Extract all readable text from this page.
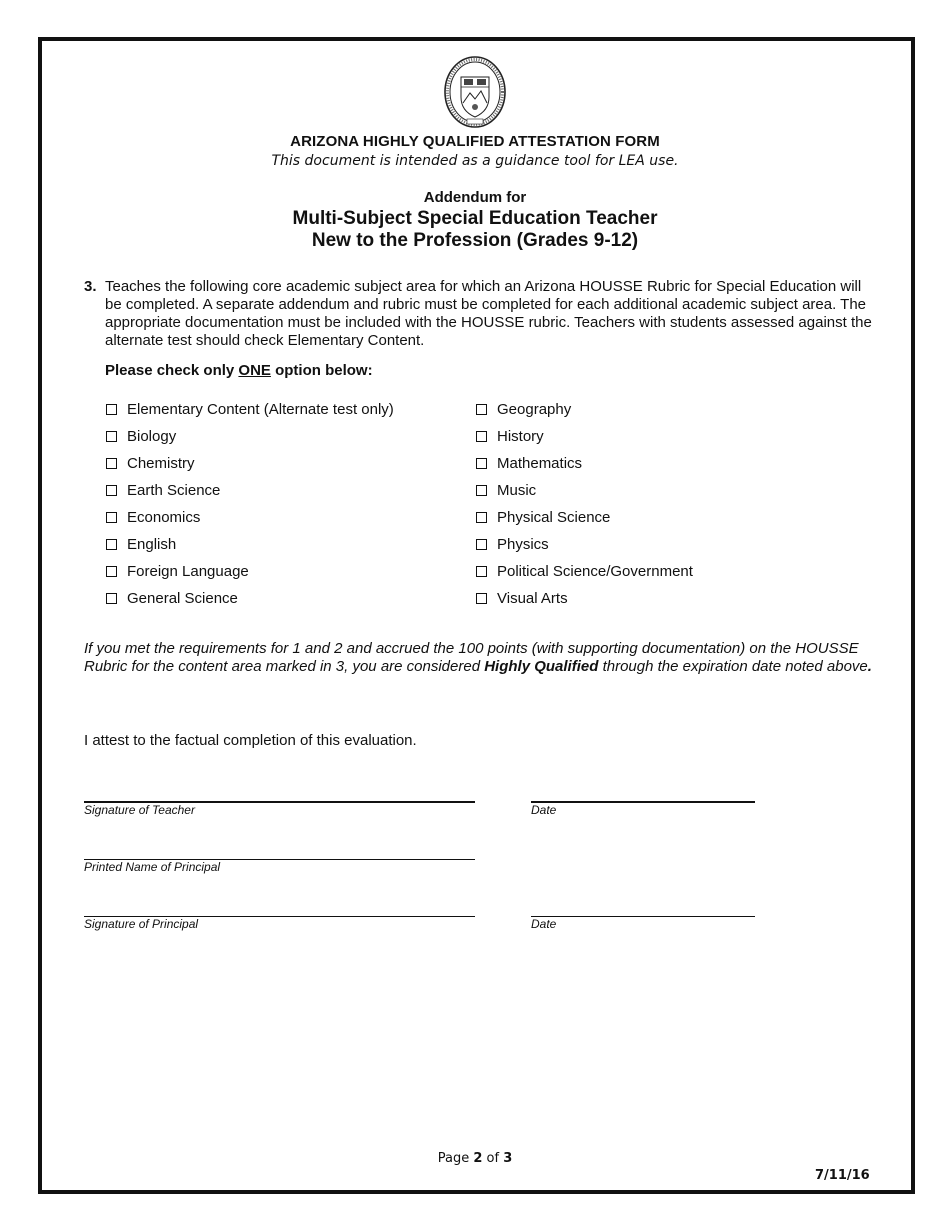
ARIZONA HIGHLY QUALIFIED ATTESTATION FORM
This document is intended as a guidance tool for LEA use.
Addendum for
Multi-Subject Special Education Teacher
New to the Profession (Grades 9-12)
3. Teaches the following core academic subject area for which an Arizona HOUSSE Rubric for Special Education will be completed. A separate addendum and rubric must be completed for each additional academic subject area. The appropriate documentation must be included with the HOUSSE rubric. Teachers with students assessed against the alternate test should check Elementary Content.
Please check only ONE option below:
Elementary Content (Alternate test only)
Biology
Chemistry
Earth Science
Economics
English
Foreign Language
General Science
Geography
History
Mathematics
Music
Physical Science
Physics
Political Science/Government
Visual Arts
If you met the requirements for 1 and 2 and accrued the 100 points (with supporting documentation) on the HOUSSE Rubric for the content area marked in 3, you are considered Highly Qualified through the expiration date noted above.
I attest to the factual completion of this evaluation.
Signature of Teacher	Date
Printed Name of Principal
Signature of Principal	Date
Page 2 of 3
7/11/16
